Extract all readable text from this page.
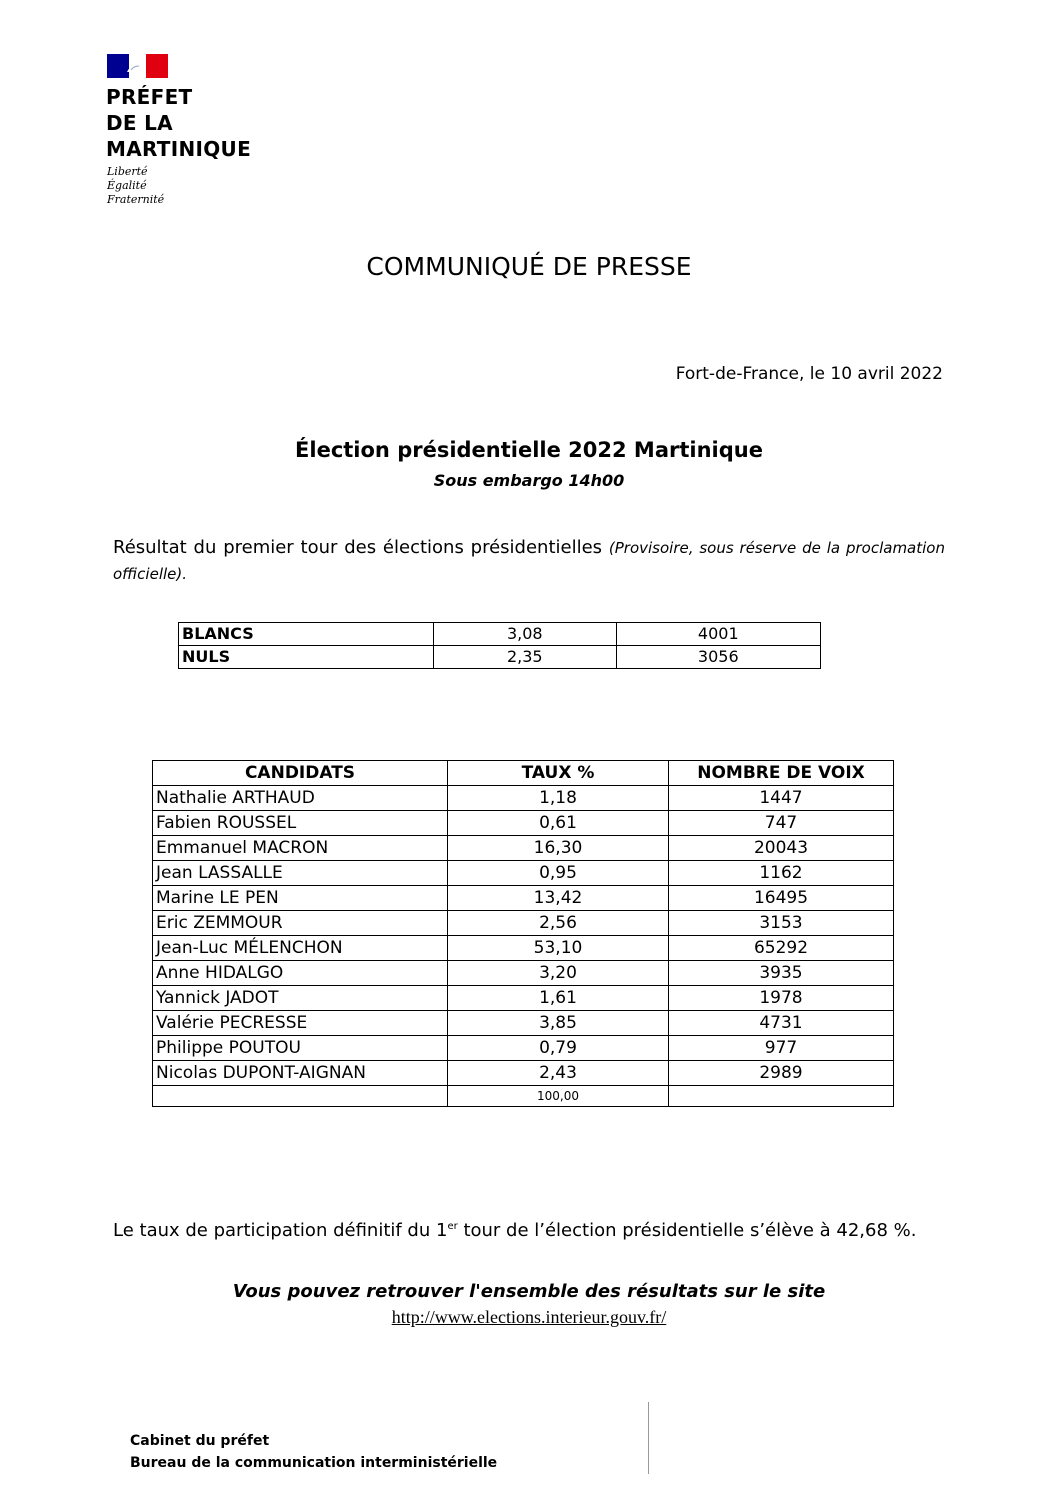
PRÉFET
DE LA
MARTINIQUE
Liberté
Égalité
Fraternité
COMMUNIQUÉ DE PRESSE
Fort-de-France, le 10 avril 2022
Élection présidentielle 2022 Martinique
Sous embargo 14h00
Résultat du premier tour des élections présidentielles (Provisoire, sous réserve de la proclamation officielle).
BLANCS	3,08	4001
NULS	2,35	3056
CANDIDATS	TAUX %	NOMBRE DE VOIX
Nathalie ARTHAUD	1,18	1447
Fabien ROUSSEL	0,61	747
Emmanuel MACRON	16,30	20043
Jean LASSALLE	0,95	1162
Marine LE PEN	13,42	16495
Eric ZEMMOUR	2,56	3153
Jean-Luc MÉLENCHON	53,10	65292
Anne HIDALGO	3,20	3935
Yannick JADOT	1,61	1978
Valérie PECRESSE	3,85	4731
Philippe POUTOU	0,79	977
Nicolas DUPONT-AIGNAN	2,43	2989
	100,00	
Le taux de participation définitif du 1er tour de l’élection présidentielle s’élève à 42,68 %.
Vous pouvez retrouver l'ensemble des résultats sur le site
http://www.elections.interieur.gouv.fr/
Cabinet du préfet
Bureau de la communication interministérielle
